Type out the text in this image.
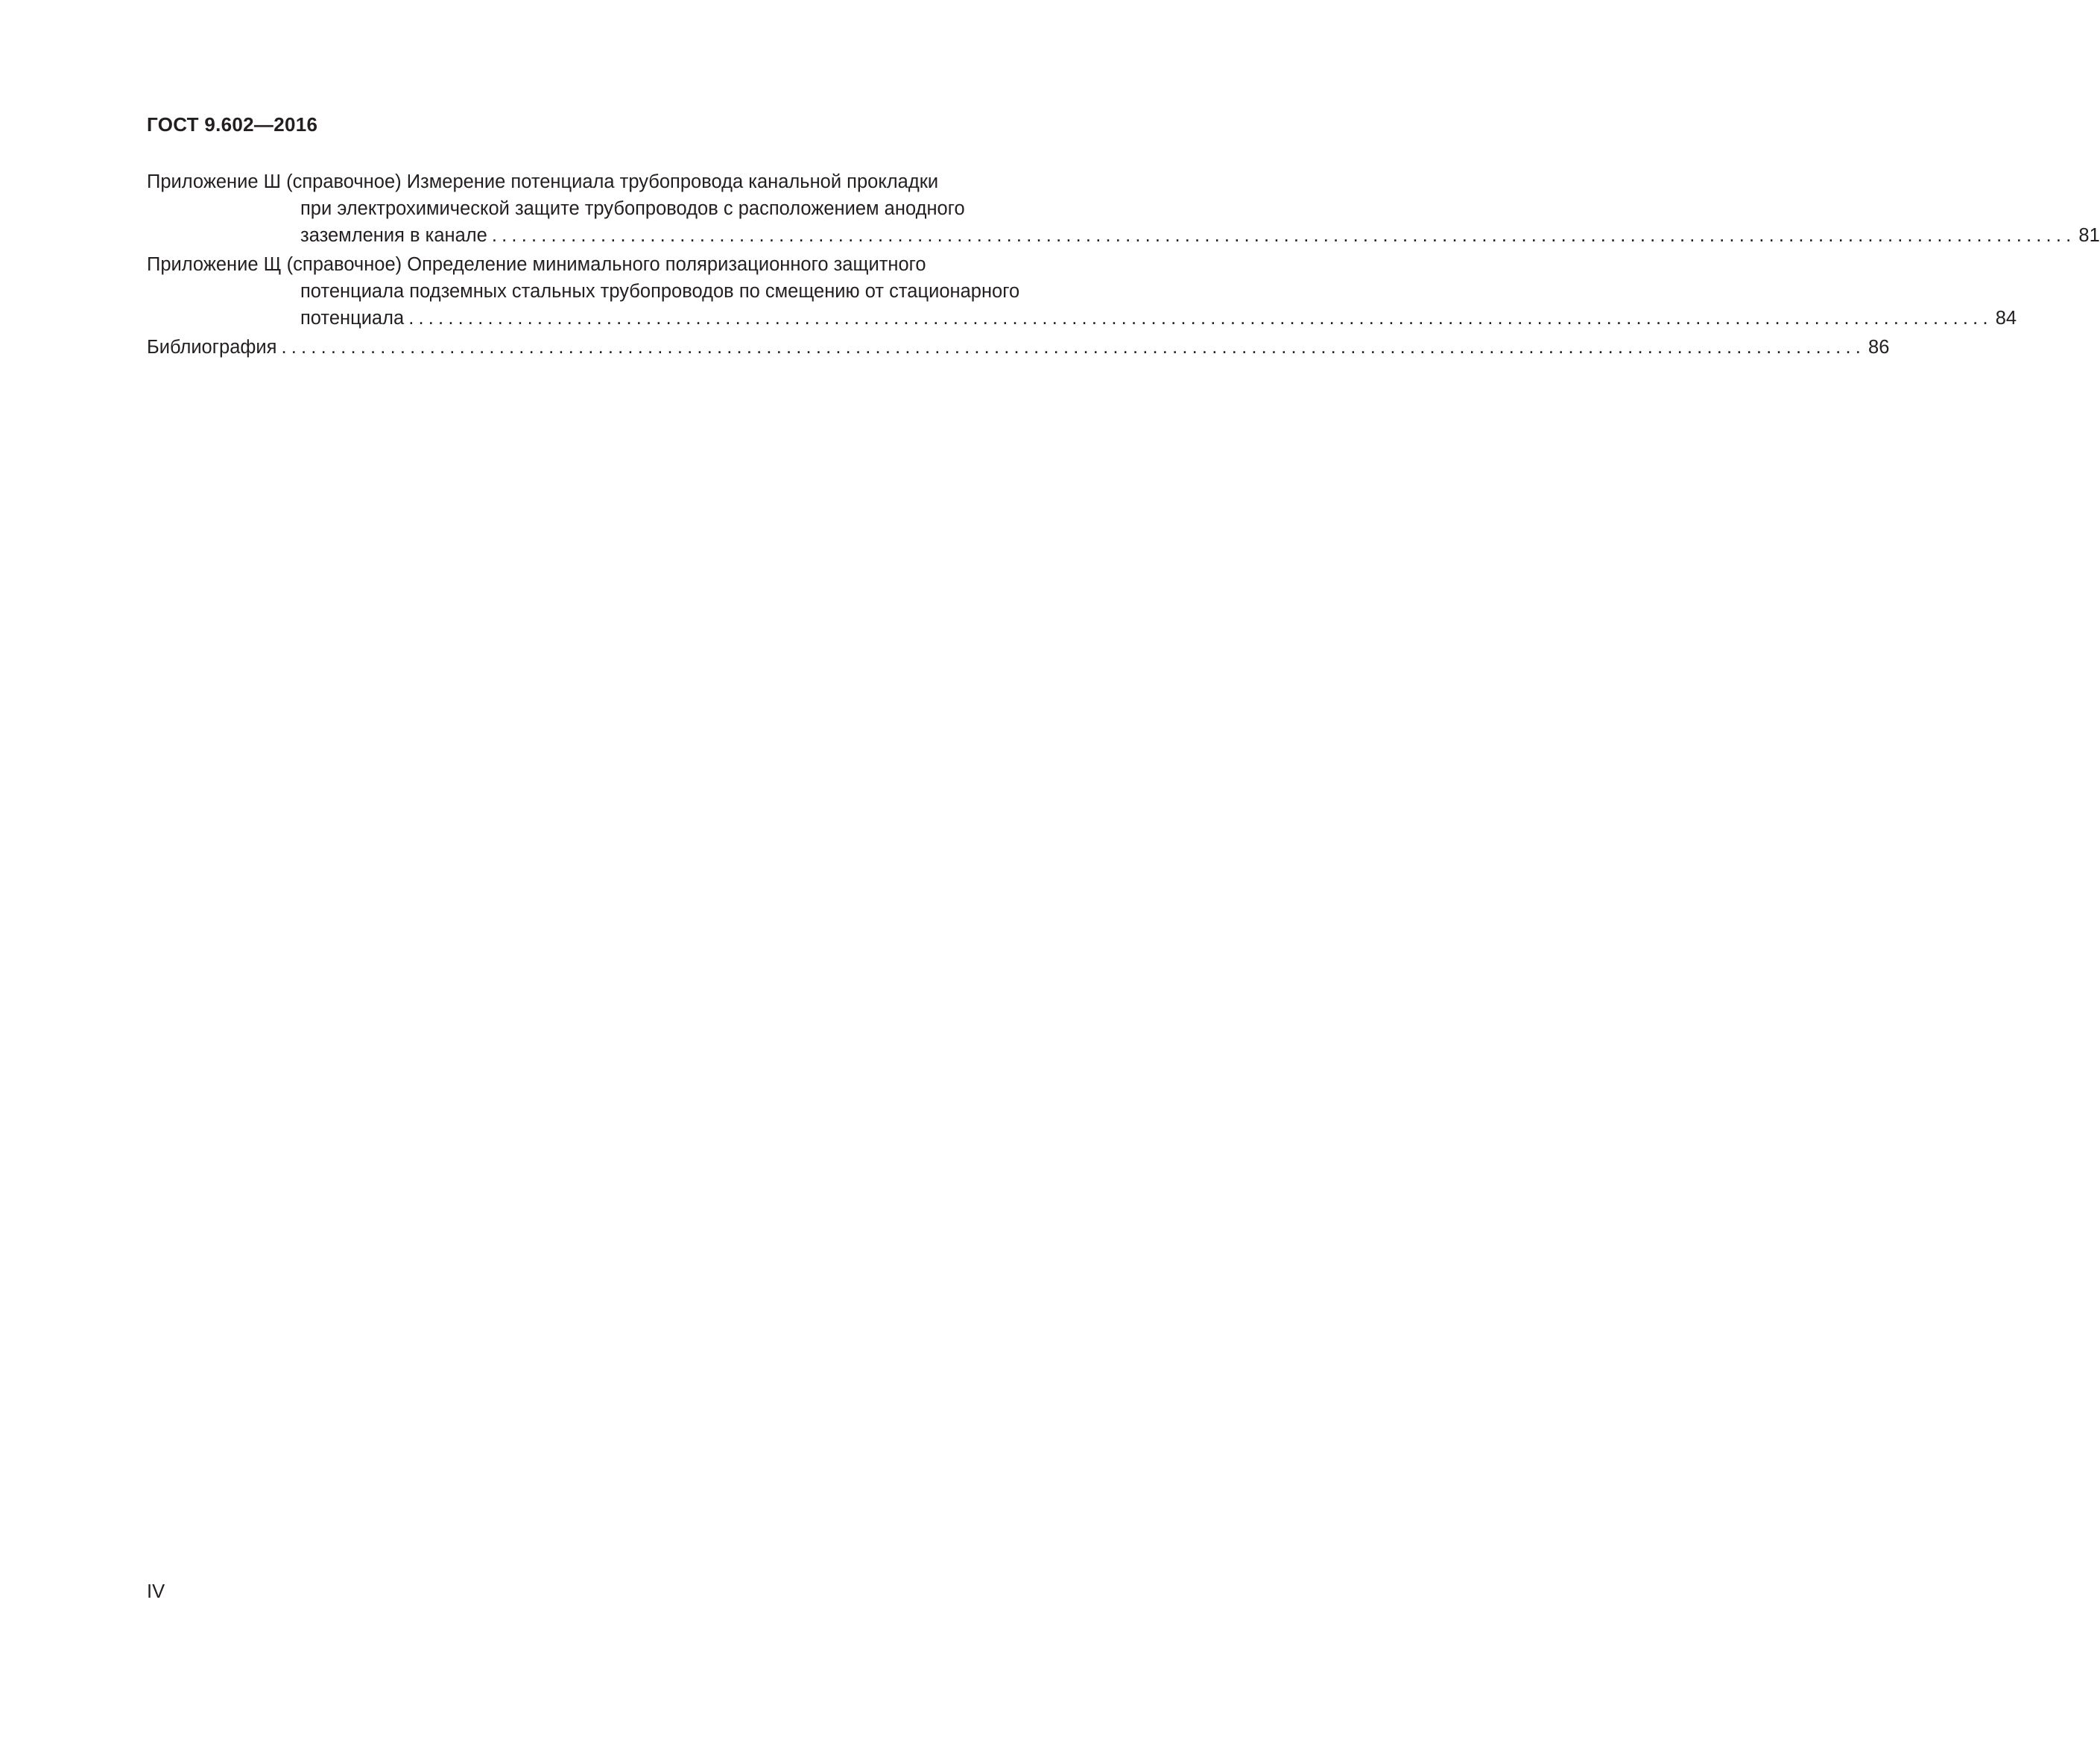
ГОСТ 9.602—2016
Приложение Ш (справочное) Измерение потенциала трубопровода канальной прокладки
при электрохимической защите трубопроводов с расположением анодного
заземления в канале ................................................................................................................................................................ 81
Приложение Щ (справочное) Определение минимального поляризационного защитного
потенциала подземных стальных трубопроводов по смещению от стационарного
потенциала ................................................................................................................................................................ 84
Библиография ................................................................................................................................................................ 86
IV
